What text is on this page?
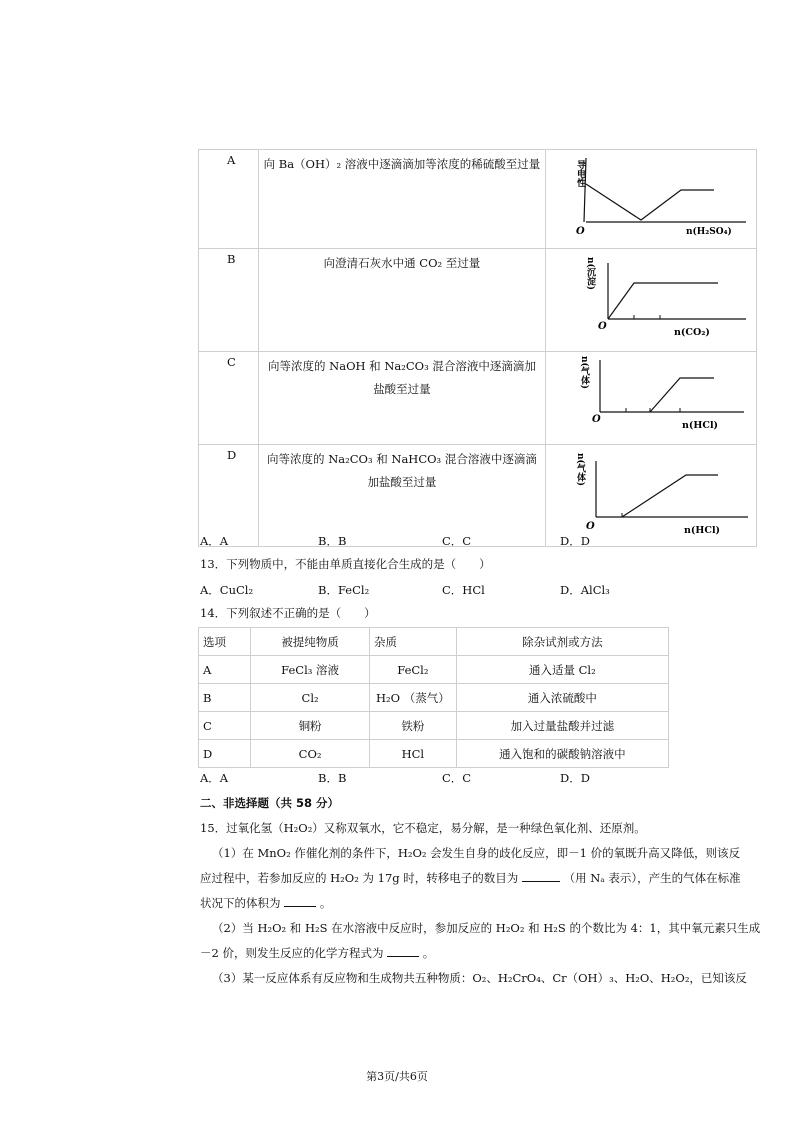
A	向 Ba（OH）₂ 溶液中逐滴滴加等浓度的稀硫酸至过量	O n(H₂SO₄)
导电性

B	向澄清石灰水中通 CO₂ 至过量	O
n(CO₂)
n(沉淀)

C	向等浓度的 NaOH 和 Na₂CO₃ 混合溶液中逐滴滴加盐酸至过量	O
n(HCl)
n(气体)

D	向等浓度的 Na₂CO₃ 和 NaHCO₃ 混合溶液中逐滴滴加盐酸至过量	O n(HCl)
n(气体)
A．A	B．B	C．C	D．D
13．下列物质中，不能由单质直接化合生成的是（　　）
A．CuCl₂	B．FeCl₂	C．HCl	D．AlCl₃
14．下列叙述不正确的是（　　）
选项	被提纯物质	杂质	除杂试剂或方法
A	FeCl₃ 溶液	FeCl₂	通入适量 Cl₂
B	Cl₂	H₂O （蒸气）	通入浓硫酸中
C	铜粉	铁粉	加入过量盐酸并过滤
D	CO₂	HCl	通入饱和的碳酸钠溶液中
A．A	B．B	C．C	D．D
二、非选择题（共 58 分）
15．过氧化氢（H₂O₂）又称双氧水，它不稳定，易分解，是一种绿色氧化剂、还原剂。
（1）在 MnO₂ 作催化剂的条件下，H₂O₂ 会发生自身的歧化反应，即－1 价的氧既升高又降低，则该反
应过程中，若参加反应的 H₂O₂ 为 17g 时，转移电子的数目为	（用 Nₐ 表示），产生的气体在标准
状况下的体积为	。
（2）当 H₂O₂ 和 H₂S 在水溶液中反应时，参加反应的 H₂O₂ 和 H₂S 的个数比为 4：1，其中氧元素只生成
－2 价，则发生反应的化学方程式为	。
（3）某一反应体系有反应物和生成物共五种物质：O₂、H₂CrO₄、Cr（OH）₃、H₂O、H₂O₂，已知该反
第3页/共6页
